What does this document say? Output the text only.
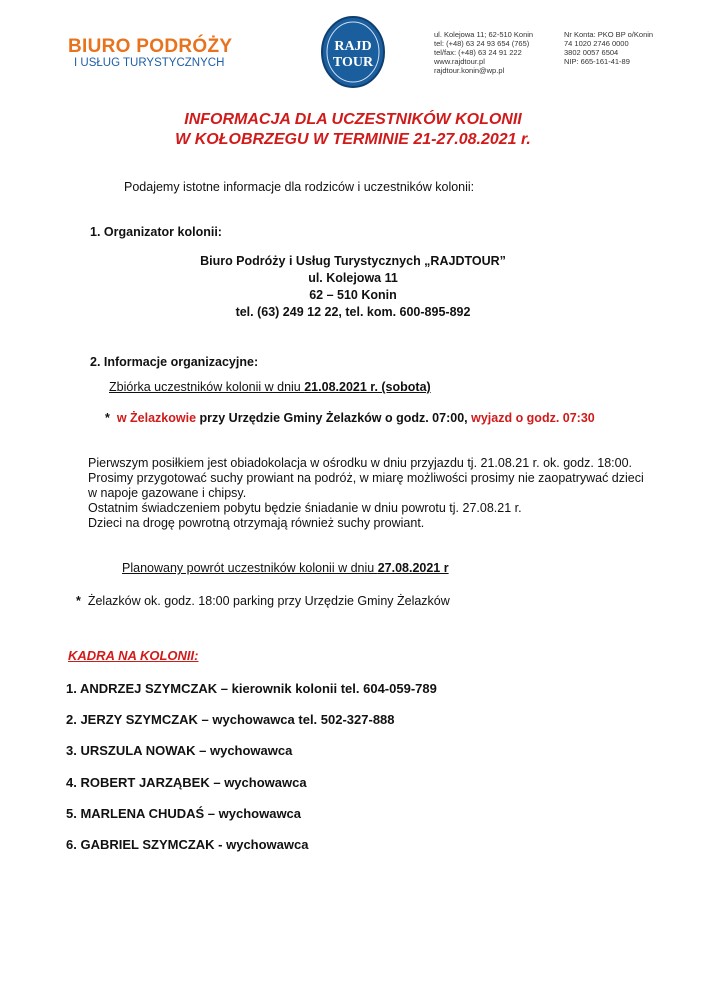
BIURO PODRÓŻY
I USŁUG TURYSTYCZNYCH
RAJD
TOUR
ul. Kolejowa 11; 62-510 Konin
tel: (+48) 63 24 93 654 (765)
tel/fax: (+48) 63 24 91 222
www.rajdtour.pl
rajdtour.konin@wp.pl
Nr Konta: PKO BP o/Konin
74 1020 2746 0000
3802 0057 6504
NIP: 665-161-41-89
INFORMACJA DLA UCZESTNIKÓW KOLONII
W KOŁOBRZEGU W TERMINIE 21-27.08.2021 r.
Podajemy istotne informacje dla rodziców i uczestników kolonii:
1. Organizator kolonii:
Biuro Podróży i Usług Turystycznych „RAJDTOUR”
ul. Kolejowa 11
62 – 510 Konin
tel. (63) 249 12 22, tel. kom. 600-895-892
2. Informacje organizacyjne:
Zbiórka uczestników kolonii w dniu 21.08.2021 r. (sobota)
* w Żelazkowie przy Urzędzie Gminy Żelazków o godz. 07:00, wyjazd o godz. 07:30
Pierwszym posiłkiem jest obiadokolacja w ośrodku w dniu przyjazdu tj. 21.08.21 r. ok. godz. 18:00.
Prosimy przygotować suchy prowiant na podróż, w miarę możliwości prosimy nie zaopatrywać dzieci
w napoje gazowane i chipsy.
Ostatnim świadczeniem pobytu będzie śniadanie w dniu powrotu tj. 27.08.21 r.
Dzieci na drogę powrotną otrzymają również suchy prowiant.
Planowany powrót uczestników kolonii w dniu 27.08.2021 r
* Żelazków ok. godz. 18:00 parking przy Urzędzie Gminy Żelazków
KADRA NA KOLONII:
1. ANDRZEJ SZYMCZAK – kierownik kolonii tel. 604-059-789
2. JERZY SZYMCZAK – wychowawca tel. 502-327-888
3. URSZULA NOWAK – wychowawca
4. ROBERT JARZĄBEK – wychowawca
5. MARLENA CHUDAŚ – wychowawca
6. GABRIEL SZYMCZAK - wychowawca
